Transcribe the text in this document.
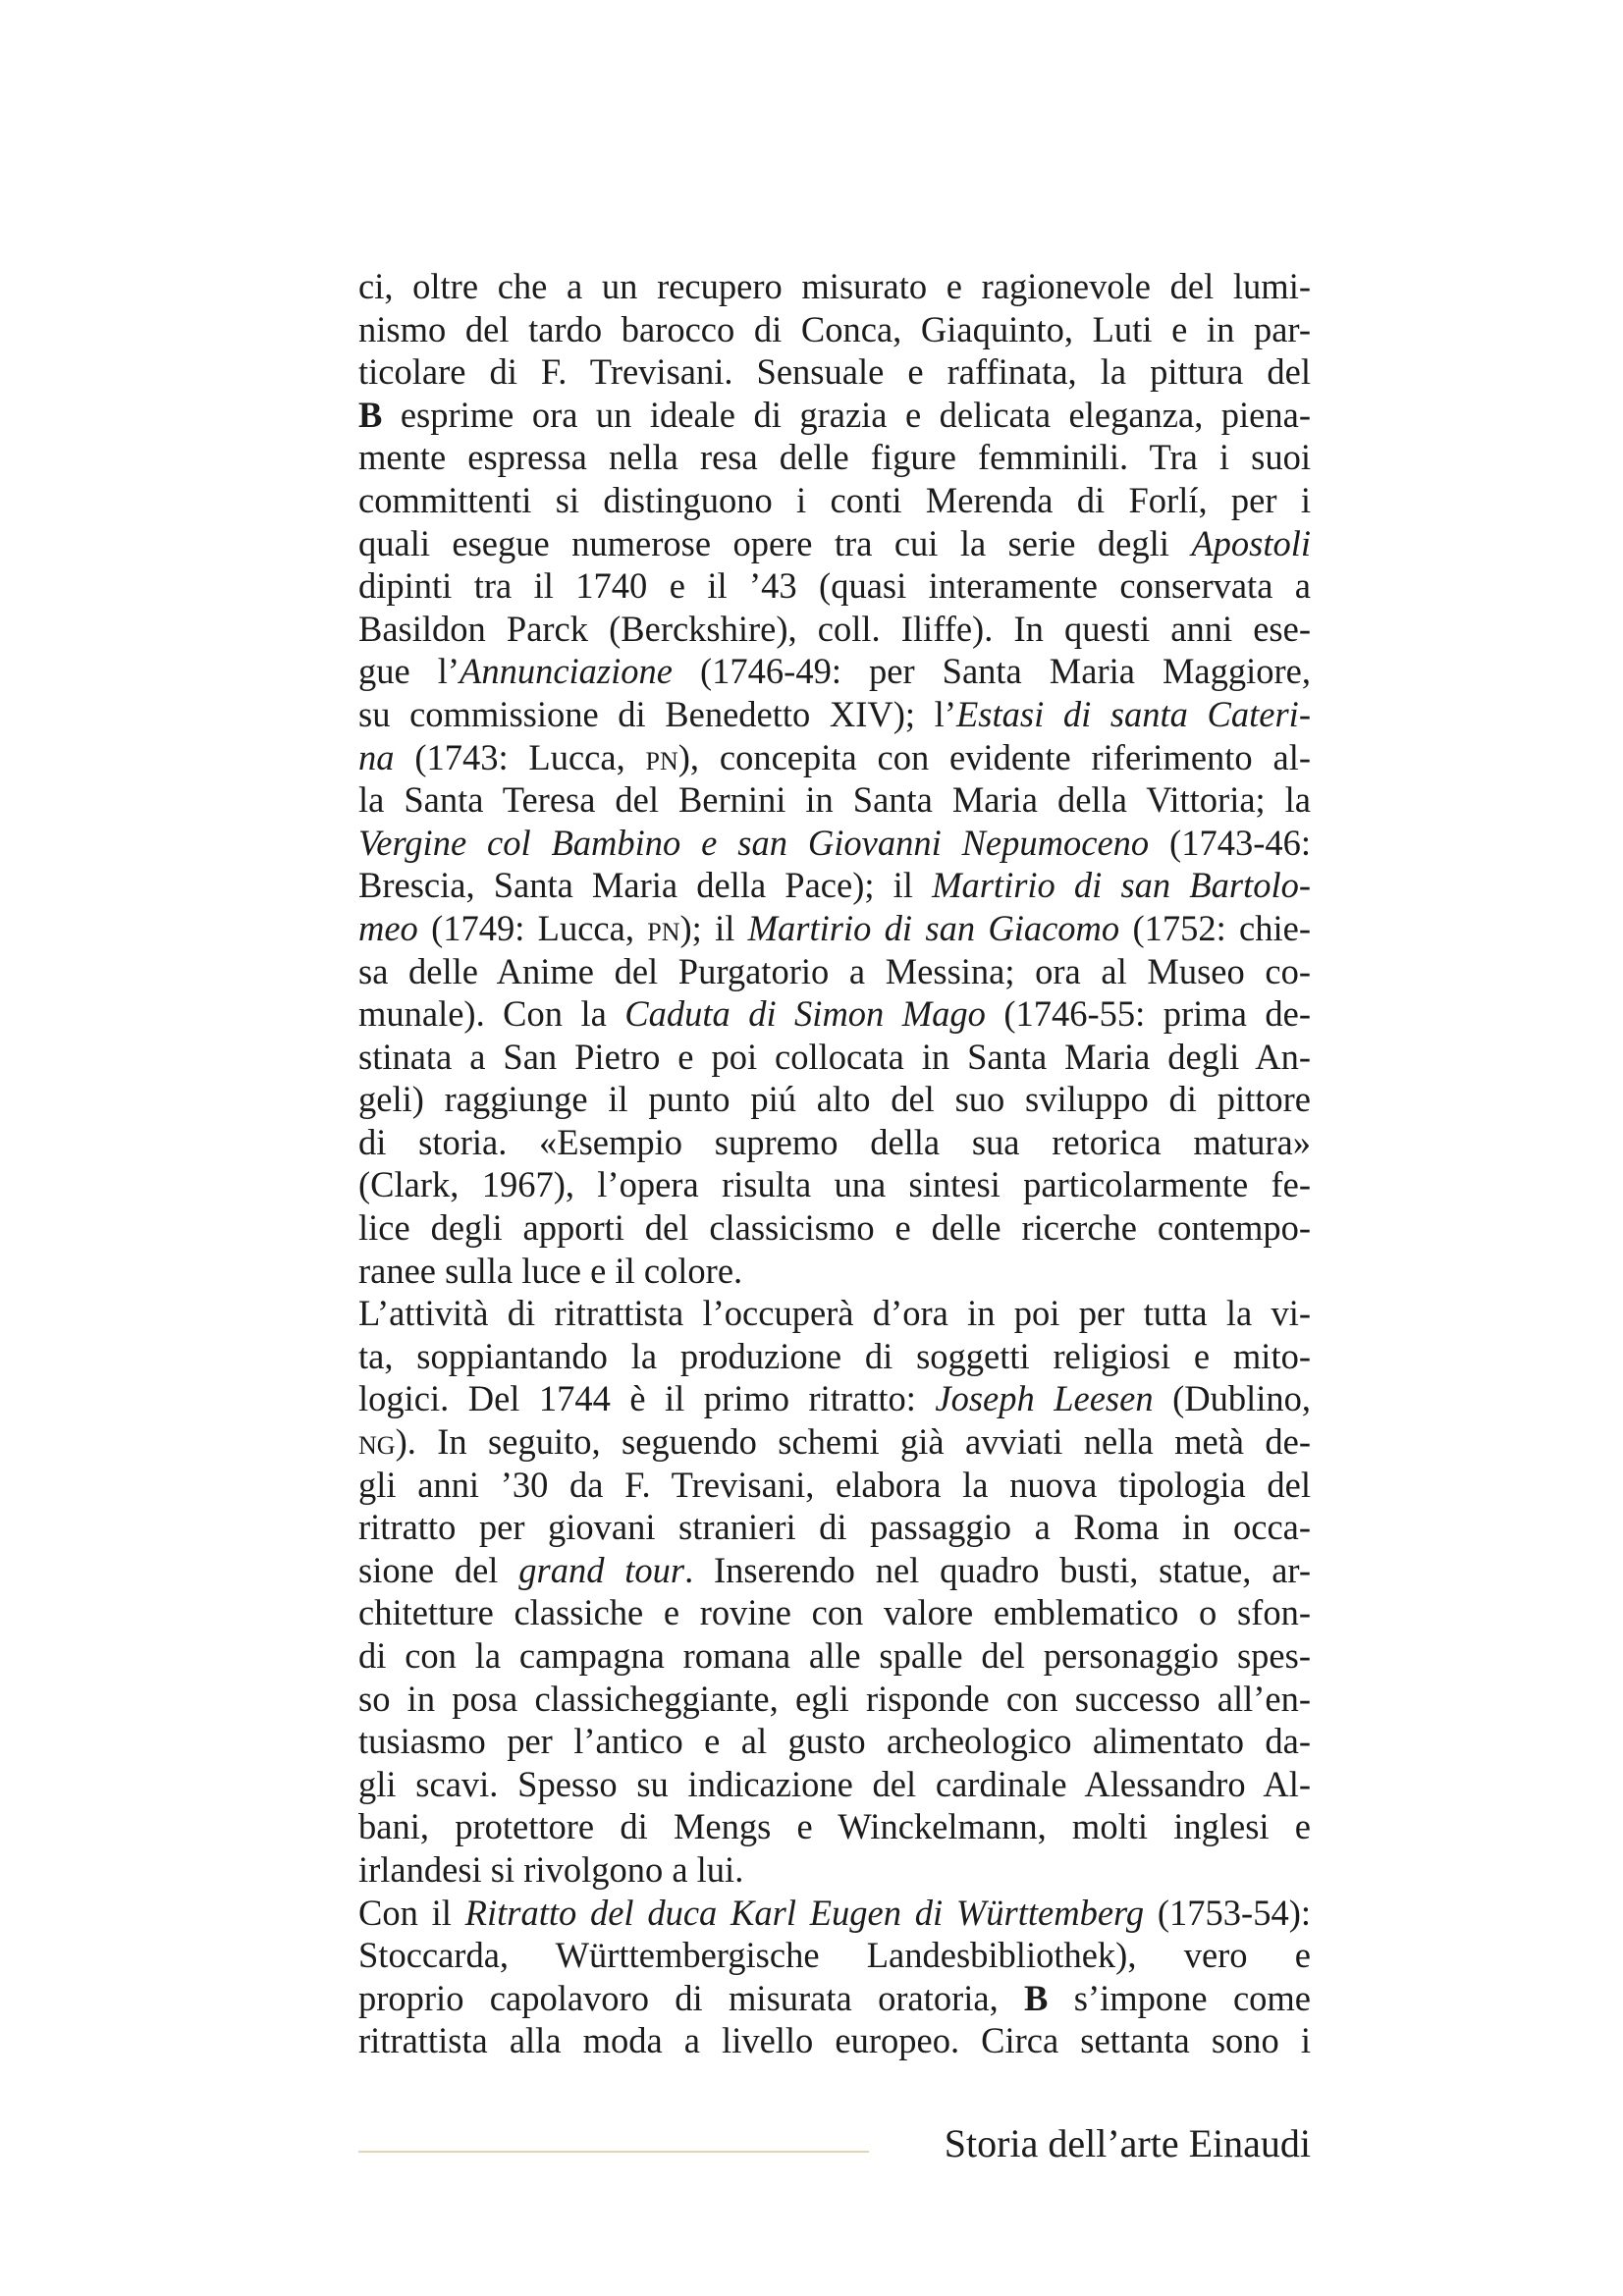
ci, oltre che a un recupero misurato e ragionevole del lumi-
nismo del tardo barocco di Conca, Giaquinto, Luti e in par-
ticolare di F. Trevisani. Sensuale e raffinata, la pittura del
B esprime ora un ideale di grazia e delicata eleganza, piena-
mente espressa nella resa delle figure femminili. Tra i suoi
committenti si distinguono i conti Merenda di Forlí, per i
quali esegue numerose opere tra cui la serie degli Apostoli
dipinti tra il 1740 e il ’43 (quasi interamente conservata a
Basildon Parck (Berckshire), coll. Iliffe). In questi anni ese-
gue l’Annunciazione (1746-49: per Santa Maria Maggiore,
su commissione di Benedetto XIV); l’Estasi di santa Cateri-
na (1743: Lucca, pn), concepita con evidente riferimento al-
la Santa Teresa del Bernini in Santa Maria della Vittoria; la
Vergine col Bambino e san Giovanni Nepumoceno (1743-46:
Brescia, Santa Maria della Pace); il Martirio di san Bartolo-
meo (1749: Lucca, pn); il Martirio di san Giacomo (1752: chie-
sa delle Anime del Purgatorio a Messina; ora al Museo co-
munale). Con la Caduta di Simon Mago (1746-55: prima de-
stinata a San Pietro e poi collocata in Santa Maria degli An-
geli) raggiunge il punto piú alto del suo sviluppo di pittore
di storia. «Esempio supremo della sua retorica matura»
(Clark, 1967), l’opera risulta una sintesi particolarmente fe-
lice degli apporti del classicismo e delle ricerche contempo-
ranee sulla luce e il colore.
L’attività di ritrattista l’occuperà d’ora in poi per tutta la vi-
ta, soppiantando la produzione di soggetti religiosi e mito-
logici. Del 1744 è il primo ritratto: Joseph Leesen (Dublino,
ng). In seguito, seguendo schemi già avviati nella metà de-
gli anni ’30 da F. Trevisani, elabora la nuova tipologia del
ritratto per giovani stranieri di passaggio a Roma in occa-
sione del grand tour. Inserendo nel quadro busti, statue, ar-
chitetture classiche e rovine con valore emblematico o sfon-
di con la campagna romana alle spalle del personaggio spes-
so in posa classicheggiante, egli risponde con successo all’en-
tusiasmo per l’antico e al gusto archeologico alimentato da-
gli scavi. Spesso su indicazione del cardinale Alessandro Al-
bani, protettore di Mengs e Winckelmann, molti inglesi e
irlandesi si rivolgono a lui.
Con il Ritratto del duca Karl Eugen di Württemberg (1753-54):
Stoccarda, Württembergische Landesbibliothek), vero e
proprio capolavoro di misurata oratoria, B s’impone come
ritrattista alla moda a livello europeo. Circa settanta sono i
Storia dell’arte Einaudi
